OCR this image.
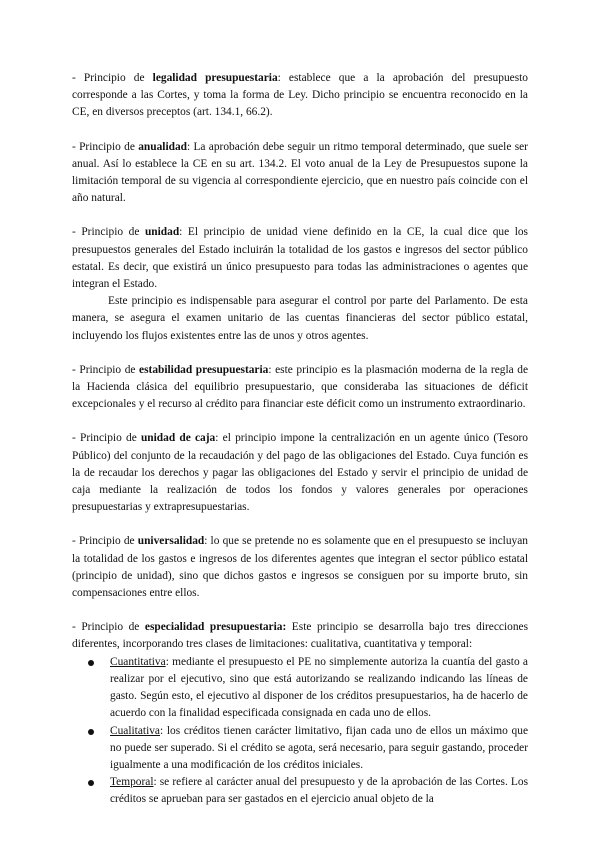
- Principio de legalidad presupuestaria: establece que a la aprobación del presupuesto corresponde a las Cortes, y toma la forma de Ley. Dicho principio se encuentra reconocido en la CE, en diversos preceptos (art. 134.1, 66.2).

- Principio de anualidad: La aprobación debe seguir un ritmo temporal determinado, que suele ser anual. Así lo establece la CE en su art. 134.2. El voto anual de la Ley de Presupuestos supone la limitación temporal de su vigencia al correspondiente ejercicio, que en nuestro país coincide con el año natural.

- Principio de unidad: El principio de unidad viene definido en la CE, la cual dice que los presupuestos generales del Estado incluirán la totalidad de los gastos e ingresos del sector público estatal. Es decir, que existirá un único presupuesto para todas las administraciones o agentes que integran el Estado.

Este principio es indispensable para asegurar el control por parte del Parlamento. De esta manera, se asegura el examen unitario de las cuentas financieras del sector público estatal, incluyendo los flujos existentes entre las de unos y otros agentes.

- Principio de estabilidad presupuestaria: este principio es la plasmación moderna de la regla de la Hacienda clásica del equilibrio presupuestario, que consideraba las situaciones de déficit excepcionales y el recurso al crédito para financiar este déficit como un instrumento extraordinario.

- Principio de unidad de caja: el principio impone la centralización en un agente único (Tesoro Público) del conjunto de la recaudación y del pago de las obligaciones del Estado. Cuya función es la de recaudar los derechos y pagar las obligaciones del Estado y servir el principio de unidad de caja mediante la realización de todos los fondos y valores generales por operaciones presupuestarias y extrapresupuestarias.

- Principio de universalidad: lo que se pretende no es solamente que en el presupuesto se incluyan la totalidad de los gastos e ingresos de los diferentes agentes que integran el sector público estatal (principio de unidad), sino que dichos gastos e ingresos se consiguen por su importe bruto, sin compensaciones entre ellos.

- Principio de especialidad presupuestaria: Este principio se desarrolla bajo tres direcciones diferentes, incorporando tres clases de limitaciones: cualitativa, cuantitativa y temporal:

Cuantitativa: mediante el presupuesto el PE no simplemente autoriza la cuantía del gasto a realizar por el ejecutivo, sino que está autorizando se realizando indicando las líneas de gasto. Según esto, el ejecutivo al disponer de los créditos presupuestarios, ha de hacerlo de acuerdo con la finalidad especificada consignada en cada uno de ellos.
Cualitativa: los créditos tienen carácter limitativo, fijan cada uno de ellos un máximo que no puede ser superado. Si el crédito se agota, será necesario, para seguir gastando, proceder igualmente a una modificación de los créditos iniciales.
Temporal: se refiere al carácter anual del presupuesto y de la aprobación de las Cortes. Los créditos se aprueban para ser gastados en el ejercicio anual objeto de la
